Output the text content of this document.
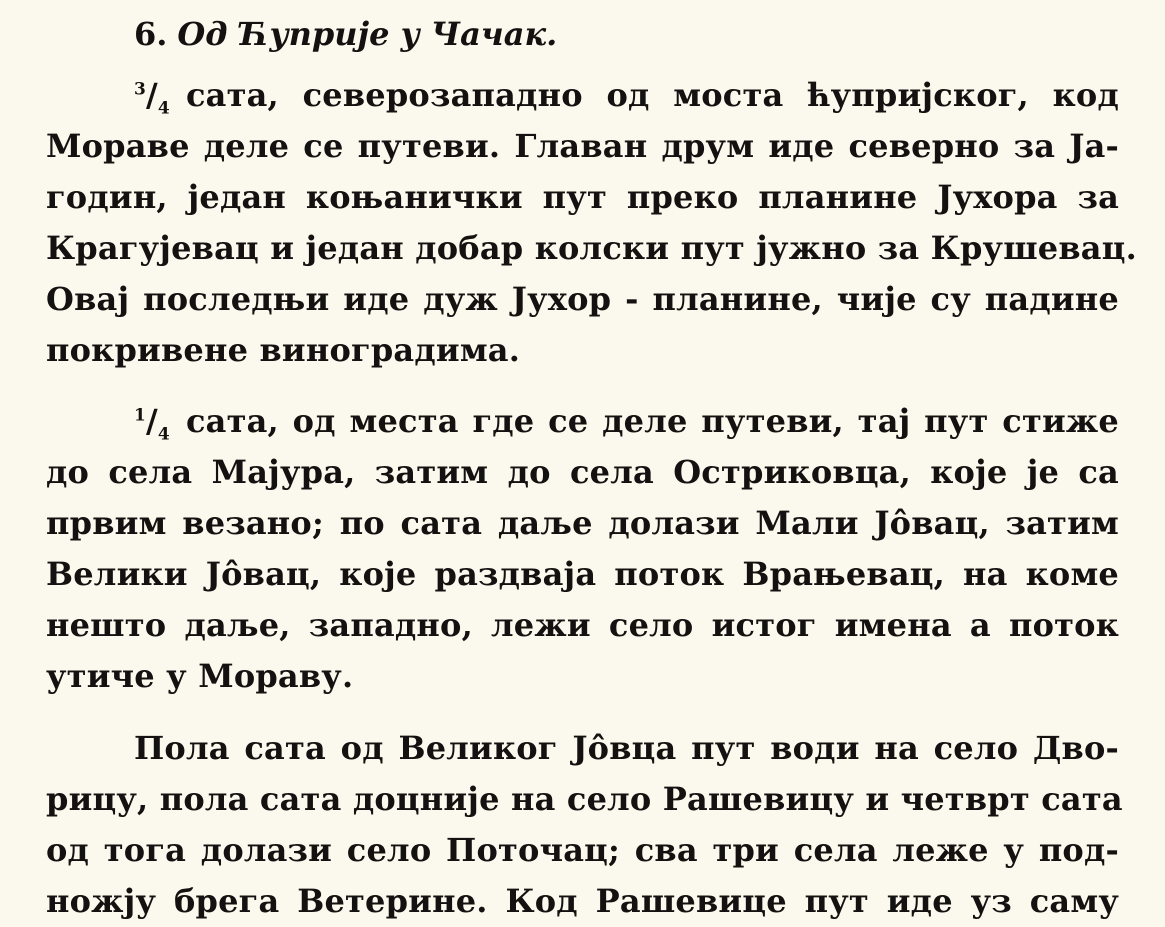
6. Од Ћуприје у Чачак.
$^3/_4$ сата, северозападно од моста ћупријског, код
Мораве деле се путеви. Главан друм иде северно за Ја-
годин, један коњанички пут преко планине Јухора за
Крагујевац и један добар колски пут јужно за Крушевац.
Овај последњи иде дуж Јухор - планине, чије су падине
покривене виноградима.
$^1/_4$ сата, од места где се деле путеви, тај пут стиже
до села Мајура, затим до села Остриковца, које је са
првим везано; по сата даље долази Мали Јôвац, затим
Велики Јôвац, које раздваја поток Врањевац, на коме
нешто даље, западно, лежи село истог имена а поток
утиче у Мораву.
Пола сата од Великог Јôвца пут води на село Дво-
рицу, пола сата доцније на село Рашевицу и четврт сата
од тога долази село Поточац; сва три села леже у под-
ножју брега Ветерине. Код Рашевице пут иде уз саму
